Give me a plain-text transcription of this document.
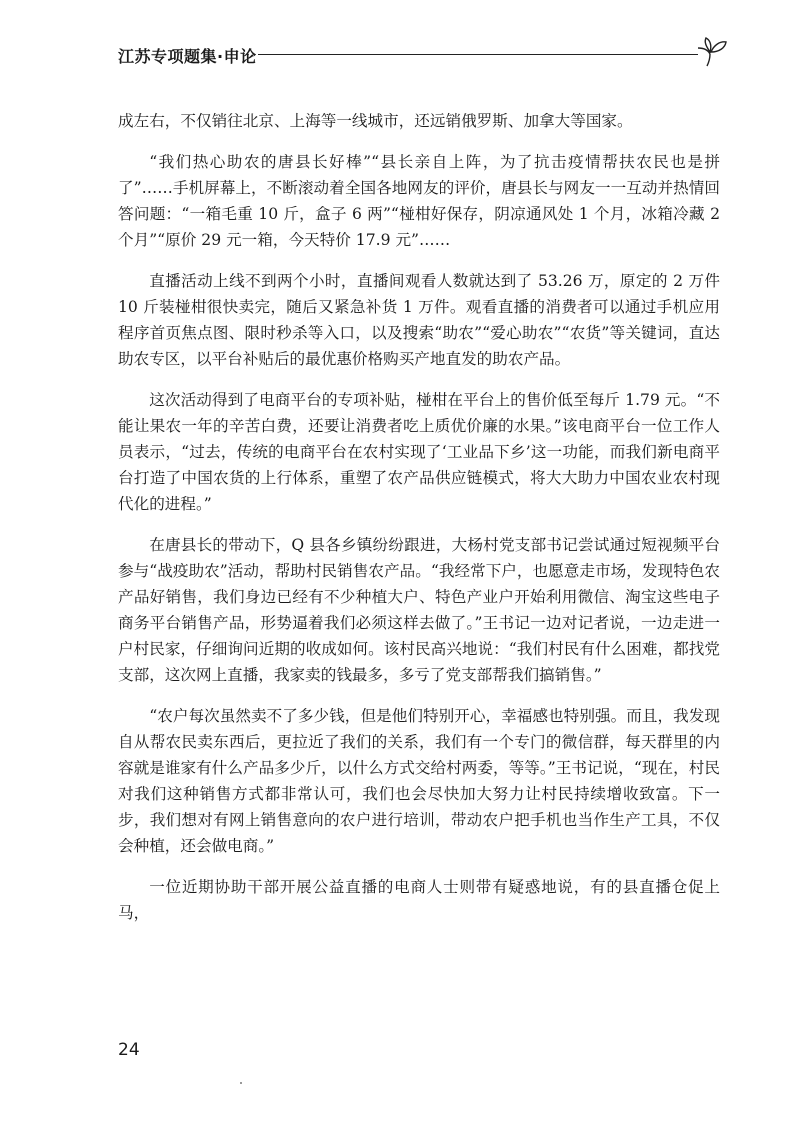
江苏专项题集·申论

成左右，不仅销往北京、上海等一线城市，还远销俄罗斯、加拿大等国家。

“我们热心助农的唐县长好棒”“县长亲自上阵，为了抗击疫情帮扶农民也是拼了”……手机屏幕上，不断滚动着全国各地网友的评价，唐县长与网友一一互动并热情回答问题：“一箱毛重 10 斤，盒子 6 两”“椪柑好保存，阴凉通风处 1 个月，冰箱冷藏 2 个月”“原价 29 元一箱，今天特价 17.9 元”……

直播活动上线不到两个小时，直播间观看人数就达到了 53.26 万，原定的 2 万件 10 斤装椪柑很快卖完，随后又紧急补货 1 万件。观看直播的消费者可以通过手机应用程序首页焦点图、限时秒杀等入口，以及搜索“助农”“爱心助农”“农货”等关键词，直达助农专区，以平台补贴后的最优惠价格购买产地直发的助农产品。

这次活动得到了电商平台的专项补贴，椪柑在平台上的售价低至每斤 1.79 元。“不能让果农一年的辛苦白费，还要让消费者吃上质优价廉的水果。”该电商平台一位工作人员表示，“过去，传统的电商平台在农村实现了‘工业品下乡’这一功能，而我们新电商平台打造了中国农货的上行体系，重塑了农产品供应链模式，将大大助力中国农业农村现代化的进程。”

在唐县长的带动下，Q 县各乡镇纷纷跟进，大杨村党支部书记尝试通过短视频平台参与“战疫助农”活动，帮助村民销售农产品。“我经常下户，也愿意走市场，发现特色农产品好销售，我们身边已经有不少种植大户、特色产业户开始利用微信、淘宝这些电子商务平台销售产品，形势逼着我们必须这样去做了。”王书记一边对记者说，一边走进一户村民家，仔细询问近期的收成如何。该村民高兴地说：“我们村民有什么困难，都找党支部，这次网上直播，我家卖的钱最多，多亏了党支部帮我们搞销售。”

“农户每次虽然卖不了多少钱，但是他们特别开心，幸福感也特别强。而且，我发现自从帮农民卖东西后，更拉近了我们的关系，我们有一个专门的微信群，每天群里的内容就是谁家有什么产品多少斤，以什么方式交给村两委，等等。”王书记说，“现在，村民对我们这种销售方式都非常认可，我们也会尽快加大努力让村民持续增收致富。下一步，我们想对有网上销售意向的农户进行培训，带动农户把手机也当作生产工具，不仅会种植，还会做电商。”

一位近期协助干部开展公益直播的电商人士则带有疑惑地说，有的县直播仓促上马，

24
